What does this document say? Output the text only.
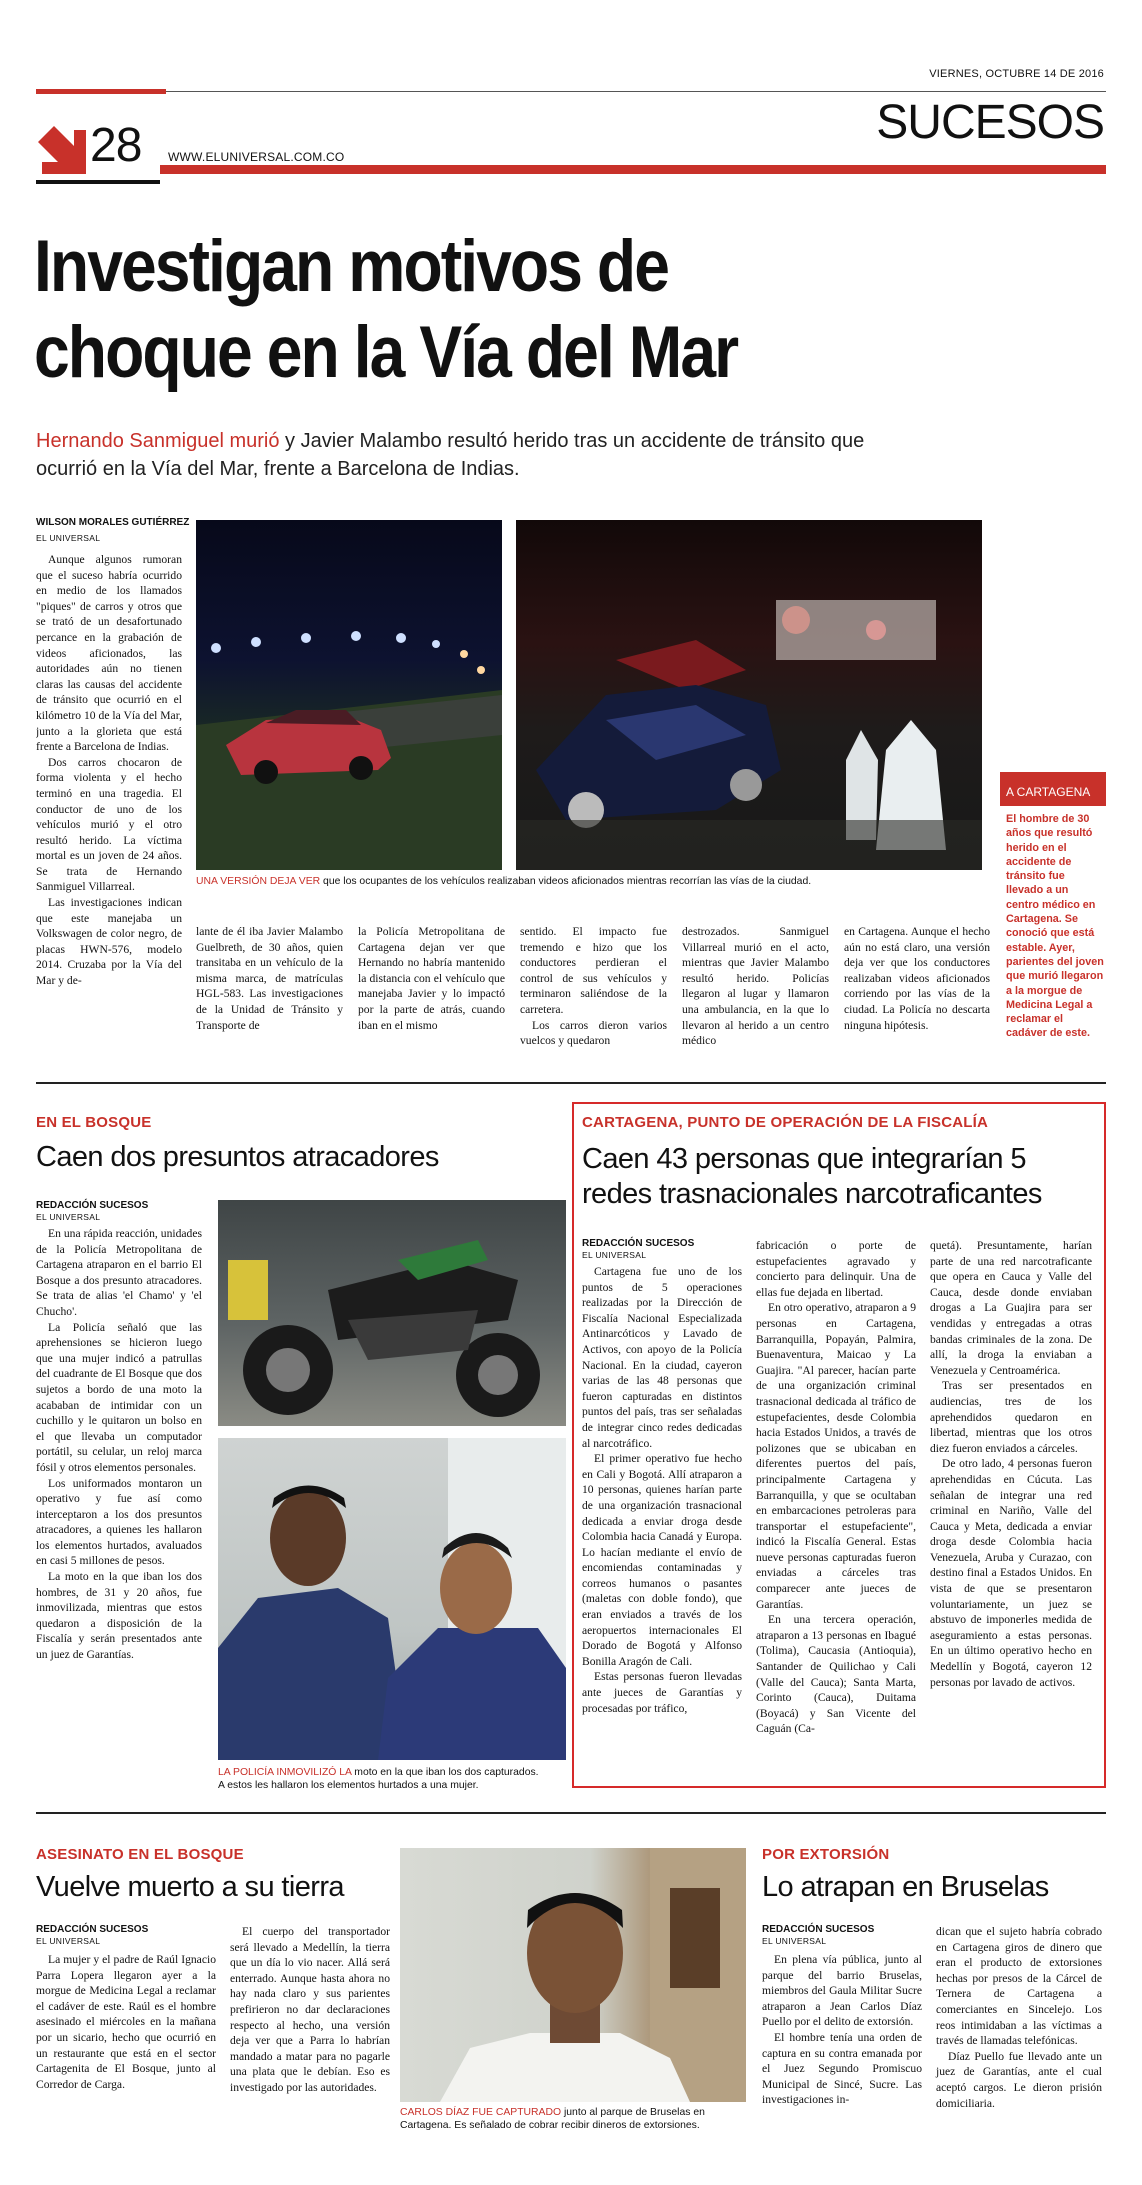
VIERNES, OCTUBRE 14 DE 2016
SUCESOS
28 WWW.ELUNIVERSAL.COM.CO
Investigan motivos de
choque en la Vía del Mar
Hernando Sanmiguel murió y Javier Malambo resultó herido tras un accidente de tránsito que
ocurrió en la Vía del Mar, frente a Barcelona de Indias.
WILSON MORALES GUTIÉRREZ
EL UNIVERSAL

Aunque algunos rumoran que el suceso habría ocurrido en medio de los llamados "piques" de carros y otros que se trató de un desafortunado percance en la grabación de videos aficionados, las autoridades aún no tienen claras las causas del accidente de tránsito que ocurrió en el kilómetro 10 de la Vía del Mar, junto a la glorieta que está frente a Barcelona de Indias.

Dos carros chocaron de forma violenta y el hecho terminó en una tragedia. El conductor de uno de los vehículos murió y el otro resultó herido. La víctima mortal es un joven de 24 años. Se trata de Hernando Sanmiguel Villarreal.

Las investigaciones indican que este manejaba un Volkswagen de color negro, de placas HWN-576, modelo 2014. Cruzaba por la Vía del Mar y de-

UNA VERSIÓN DEJA VER que los ocupantes de los vehículos realizaban videos aficionados mientras recorrían las vías de la ciudad.
A CARTAGENA
El hombre de 30 años que resultó herido en el accidente de tránsito fue llevado a un centro médico en Cartagena. Se conoció que está estable. Ayer, parientes del joven que murió llegaron a la morgue de Medicina Legal a reclamar el cadáver de este.

lante de él iba Javier Malambo Guelbreth, de 30 años, quien transitaba en un vehículo de la misma marca, de matrículas HGL-583. Las investigaciones de la Unidad de Tránsito y Transporte de

la Policía Metropolitana de Cartagena dejan ver que Hernando no habría mantenido la distancia con el vehículo que manejaba Javier y lo impactó por la parte de atrás, cuando iban en el mismo

sentido. El impacto fue tremendo e hizo que los conductores perdieran el control de sus vehículos y terminaron saliéndose de la carretera.

Los carros dieron varios vuelcos y quedaron

destrozados. Sanmiguel Villarreal murió en el acto, mientras que Javier Malambo resultó herido. Policías llegaron al lugar y llamaron una ambulancia, en la que lo llevaron al herido a un centro médico

en Cartagena. Aunque el hecho aún no está claro, una versión deja ver que los conductores realizaban videos aficionados corriendo por las vías de la ciudad. La Policía no descarta ninguna hipótesis.

EN EL BOSQUE
Caen dos presuntos atracadores
REDACCIÓN SUCESOS
EL UNIVERSAL

En una rápida reacción, unidades de la Policía Metropolitana de Cartagena atraparon en el barrio El Bosque a dos presunto atracadores. Se trata de alias 'el Chamo' y 'el Chucho'.

La Policía señaló que las aprehensiones se hicieron luego que una mujer indicó a patrullas del cuadrante de El Bosque que dos sujetos a bordo de una moto la acababan de intimidar con un cuchillo y le quitaron un bolso en el que llevaba un computador portátil, su celular, un reloj marca fósil y otros elementos personales.

Los uniformados montaron un operativo y fue así como interceptaron a los dos presuntos atracadores, a quienes les hallaron los elementos hurtados, avaluados en casi 5 millones de pesos.

La moto en la que iban los dos hombres, de 31 y 20 años, fue inmovilizada, mientras que estos quedaron a disposición de la Fiscalía y serán presentados ante un juez de Garantías.

LA POLICÍA INMOVILIZÓ LA moto en la que iban los dos capturados.
A estos les hallaron los elementos hurtados a una mujer.
CARTAGENA, PUNTO DE OPERACIÓN DE LA FISCALÍA
Caen 43 personas que integrarían 5
redes trasnacionales narcotraficantes
REDACCIÓN SUCESOS
EL UNIVERSAL

Cartagena fue uno de los puntos de 5 operaciones realizadas por la Dirección de Fiscalía Nacional Especializada Antinarcóticos y Lavado de Activos, con apoyo de la Policía Nacional. En la ciudad, cayeron varias de las 48 personas que fueron capturadas en distintos puntos del país, tras ser señaladas de integrar cinco redes dedicadas al narcotráfico.

El primer operativo fue hecho en Cali y Bogotá. Allí atraparon a 10 personas, quienes harían parte de una organización trasnacional dedicada a enviar droga desde Colombia hacia Canadá y Europa. Lo hacían mediante el envío de encomiendas contaminadas y correos humanos o pasantes (maletas con doble fondo), que eran enviados a través de los aeropuertos internacionales El Dorado de Bogotá y Alfonso Bonilla Aragón de Cali.

Estas personas fueron llevadas ante jueces de Garantías y procesadas por tráfico,

fabricación o porte de estupefacientes agravado y concierto para delinquir. Una de ellas fue dejada en libertad.

En otro operativo, atraparon a 9 personas en Cartagena, Barranquilla, Popayán, Palmira, Buenaventura, Maicao y La Guajira. "Al parecer, hacían parte de una organización criminal trasnacional dedicada al tráfico de estupefacientes, desde Colombia hacia Estados Unidos, a través de polizones que se ubicaban en diferentes puertos del país, principalmente Cartagena y Barranquilla, y que se ocultaban en embarcaciones petroleras para transportar el estupefaciente", indicó la Fiscalía General. Estas nueve personas capturadas fueron enviadas a cárceles tras comparecer ante jueces de Garantías.

En una tercera operación, atraparon a 13 personas en Ibagué (Tolima), Caucasia (Antioquia), Santander de Quilichao y Cali (Valle del Cauca); Santa Marta, Corinto (Cauca), Duitama (Boyacá) y San Vicente del Caguán (Ca-

quetá). Presuntamente, harían parte de una red narcotraficante que opera en Cauca y Valle del Cauca, desde donde enviaban drogas a La Guajira para ser vendidas y entregadas a otras bandas criminales de la zona. De allí, la droga la enviaban a Venezuela y Centroamérica.

Tras ser presentados en audiencias, tres de los aprehendidos quedaron en libertad, mientras que los otros diez fueron enviados a cárceles.

De otro lado, 4 personas fueron aprehendidas en Cúcuta. Las señalan de integrar una red criminal en Nariño, Valle del Cauca y Meta, dedicada a enviar droga desde Colombia hacia Venezuela, Aruba y Curazao, con destino final a Estados Unidos. En vista de que se presentaron voluntariamente, un juez se abstuvo de imponerles medida de aseguramiento a estas personas. En un último operativo hecho en Medellín y Bogotá, cayeron 12 personas por lavado de activos.

ASESINATO EN EL BOSQUE
Vuelve muerto a su tierra
REDACCIÓN SUCESOS
EL UNIVERSAL

La mujer y el padre de Raúl Ignacio Parra Lopera llegaron ayer a la morgue de Medicina Legal a reclamar el cadáver de este. Raúl es el hombre asesinado el miércoles en la mañana por un sicario, hecho que ocurrió en un restaurante que está en el sector Cartagenita de El Bosque, junto al Corredor de Carga.

El cuerpo del transportador será llevado a Medellín, la tierra que un día lo vio nacer. Allá será enterrado. Aunque hasta ahora no hay nada claro y sus parientes prefirieron no dar declaraciones respecto al hecho, una versión deja ver que a Parra lo habrían mandado a matar para no pagarle una plata que le debían. Eso es investigado por las autoridades.

CARLOS DÍAZ FUE CAPTURADO junto al parque de Bruselas en Cartagena. Es señalado de cobrar recibir dineros de extorsiones.
POR EXTORSIÓN
Lo atrapan en Bruselas
REDACCIÓN SUCESOS
EL UNIVERSAL

En plena vía pública, junto al parque del barrio Bruselas, miembros del Gaula Militar Sucre atraparon a Jean Carlos Díaz Puello por el delito de extorsión.

El hombre tenía una orden de captura en su contra emanada por el Juez Segundo Promiscuo Municipal de Sincé, Sucre. Las investigaciones in-

dican que el sujeto habría cobrado en Cartagena giros de dinero que eran el producto de extorsiones hechas por presos de la Cárcel de Ternera de Cartagena a comerciantes en Sincelejo. Los reos intimidaban a las víctimas a través de llamadas telefónicas.

Díaz Puello fue llevado ante un juez de Garantías, ante el cual aceptó cargos. Le dieron prisión domiciliaria.
